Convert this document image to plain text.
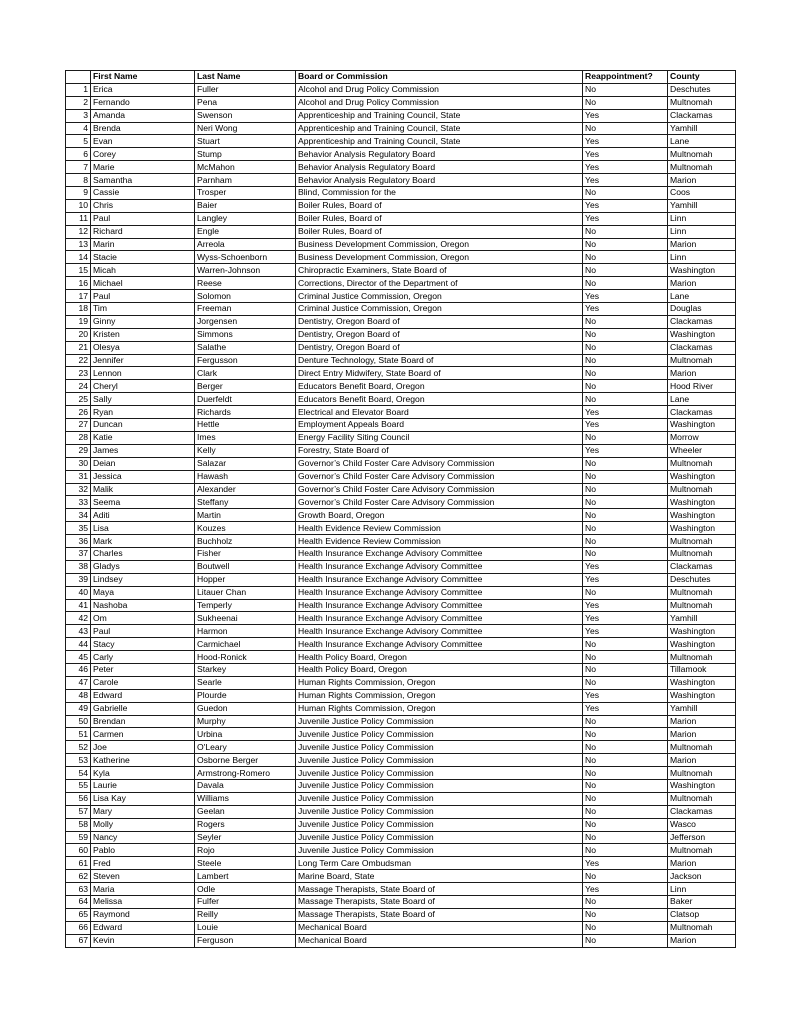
	First Name	Last Name	Board or Commission	Reappointment?	County
1	Erica	Fuller	Alcohol and Drug Policy Commission	No	Deschutes
2	Fernando	Pena	Alcohol and Drug Policy Commission	No	Multnomah
3	Amanda	Swenson	Apprenticeship and Training Council, State	Yes	Clackamas
4	Brenda	Neri Wong	Apprenticeship and Training Council, State	No	Yamhill
5	Evan	Stuart	Apprenticeship and Training Council, State	Yes	Lane
6	Corey	Stump	Behavior Analysis Regulatory Board	Yes	Multnomah
7	Marie	McMahon	Behavior Analysis Regulatory Board	Yes	Multnomah
8	Samantha	Parnham	Behavior Analysis Regulatory Board	Yes	Marion
9	Cassie	Trosper	Blind, Commission for the	No	Coos
10	Chris	Baier	Boiler Rules, Board of	Yes	Yamhill
11	Paul	Langley	Boiler Rules, Board of	Yes	Linn
12	Richard	Engle	Boiler Rules, Board of	No	Linn
13	Marin	Arreola	Business Development Commission, Oregon	No	Marion
14	Stacie	Wyss-Schoenborn	Business Development Commission, Oregon	No	Linn
15	Micah	Warren-Johnson	Chiropractic Examiners, State Board of	No	Washington
16	Michael	Reese	Corrections, Director of the Department of	No	Marion
17	Paul	Solomon	Criminal Justice Commission, Oregon	Yes	Lane
18	Tim	Freeman	Criminal Justice Commission, Oregon	Yes	Douglas
19	Ginny	Jorgensen	Dentistry, Oregon Board of	No	Clackamas
20	Kristen	Simmons	Dentistry, Oregon Board of	No	Washington
21	Olesya	Salathe	Dentistry, Oregon Board of	No	Clackamas
22	Jennifer	Fergusson	Denture Technology, State Board of	No	Multnomah
23	Lennon	Clark	Direct Entry Midwifery, State Board of	No	Marion
24	Cheryl	Berger	Educators Benefit Board, Oregon	No	Hood River
25	Sally	Duerfeldt	Educators Benefit Board, Oregon	No	Lane
26	Ryan	Richards	Electrical and Elevator Board	Yes	Clackamas
27	Duncan	Hettle	Employment Appeals Board	Yes	Washington
28	Katie	Imes	Energy Facility Siting Council	No	Morrow
29	James	Kelly	Forestry, State Board of	Yes	Wheeler
30	Deian	Salazar	Governor’s Child Foster Care Advisory Commission	No	Multnomah
31	Jessica	Hawash	Governor’s Child Foster Care Advisory Commission	No	Washington
32	Malik	Alexander	Governor’s Child Foster Care Advisory Commission	No	Multnomah
33	Seema	Steffany	Governor’s Child Foster Care Advisory Commission	No	Washington
34	Aditi	Martin	Growth Board, Oregon	No	Washington
35	Lisa	Kouzes	Health Evidence Review Commission	No	Washington
36	Mark	Buchholz	Health Evidence Review Commission	No	Multnomah
37	Charles	Fisher	Health Insurance Exchange Advisory Committee	No	Multnomah
38	Gladys	Boutwell	Health Insurance Exchange Advisory Committee	Yes	Clackamas
39	Lindsey	Hopper	Health Insurance Exchange Advisory Committee	Yes	Deschutes
40	Maya	Litauer Chan	Health Insurance Exchange Advisory Committee	No	Multnomah
41	Nashoba	Temperly	Health Insurance Exchange Advisory Committee	Yes	Multnomah
42	Om	Sukheenai	Health Insurance Exchange Advisory Committee	Yes	Yamhill
43	Paul	Harmon	Health Insurance Exchange Advisory Committee	Yes	Washington
44	Stacy	Carmichael	Health Insurance Exchange Advisory Committee	No	Washington
45	Carly	Hood-Ronick	Health Policy Board, Oregon	No	Multnomah
46	Peter	Starkey	Health Policy Board, Oregon	No	Tillamook
47	Carole	Searle	Human Rights Commission, Oregon	No	Washington
48	Edward	Plourde	Human Rights Commission, Oregon	Yes	Washington
49	Gabrielle	Guedon	Human Rights Commission, Oregon	Yes	Yamhill
50	Brendan	Murphy	Juvenile Justice Policy Commission	No	Marion
51	Carmen	Urbina	Juvenile Justice Policy Commission	No	Marion
52	Joe	O'Leary	Juvenile Justice Policy Commission	No	Multnomah
53	Katherine	Osborne Berger	Juvenile Justice Policy Commission	No	Marion
54	Kyla	Armstrong-Romero	Juvenile Justice Policy Commission	No	Multnomah
55	Laurie	Davala	Juvenile Justice Policy Commission	No	Washington
56	Lisa Kay	Williams	Juvenile Justice Policy Commission	No	Multnomah
57	Mary	Geelan	Juvenile Justice Policy Commission	No	Clackamas
58	Molly	Rogers	Juvenile Justice Policy Commission	No	Wasco
59	Nancy	Seyler	Juvenile Justice Policy Commission	No	Jefferson
60	Pablo	Rojo	Juvenile Justice Policy Commission	No	Multnomah
61	Fred	Steele	Long Term Care Ombudsman	Yes	Marion
62	Steven	Lambert	Marine Board, State	No	Jackson
63	Maria	Odle	Massage Therapists, State Board of	Yes	Linn
64	Melissa	Fulfer	Massage Therapists, State Board of	No	Baker
65	Raymond	Reilly	Massage Therapists, State Board of	No	Clatsop
66	Edward	Louie	Mechanical Board	No	Multnomah
67	Kevin	Ferguson	Mechanical Board	No	Marion
